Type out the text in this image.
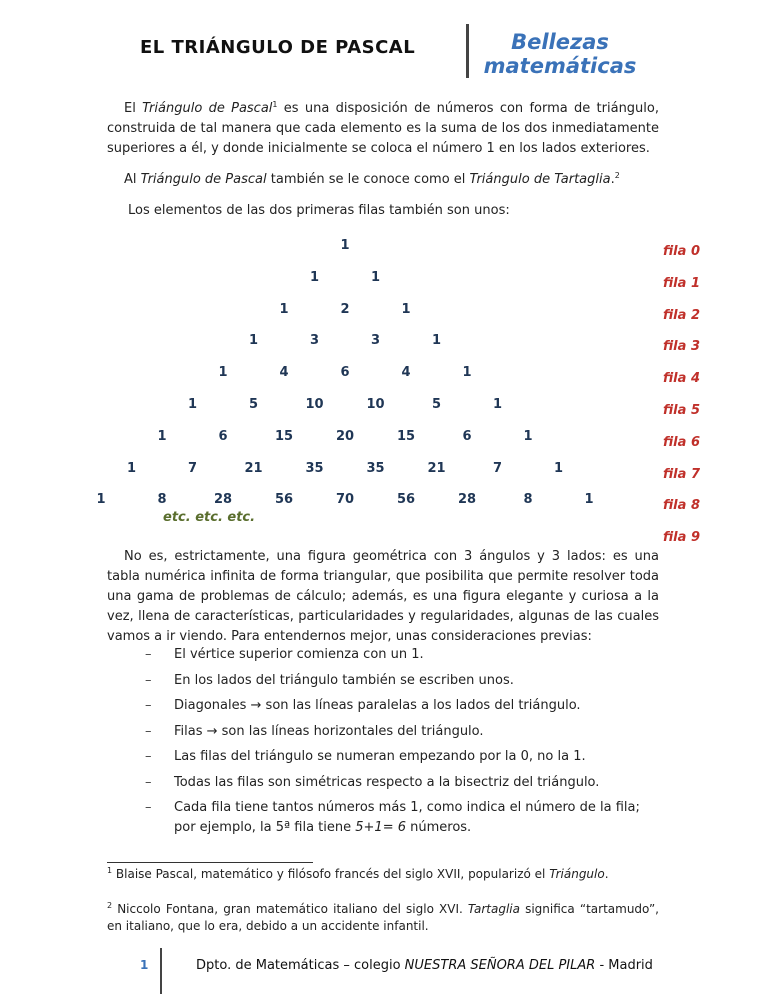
EL TRIÁNGULO DE PASCAL	Bellezas
matemáticas

El Triángulo de Pascal$^1$ es una disposición de números con forma de triángulo, construida de tal manera que cada elemento es la suma de los dos inmediatamente superiores a él, y donde inicialmente se coloca el número 1 en los lados exteriores.

Al Triángulo de Pascal también se le conoce como el Triángulo de Tartaglia.$^2$

Los elementos de las dos primeras filas también son unos:

1
1	1
1	2	1
1	3	3	1
1	4	6	4	1
1	5	10	10	5	1
1	6	15	20	15	6	1
1	7	21	35	35	21	7	1
1	8	28	56	70	56	28	8	1
fila 0
fila 1
fila 2
fila 3
fila 4
fila 5
fila 6
fila 7
fila 8
fila 9
etc. etc. etc.

No es, estrictamente, una figura geométrica con 3 ángulos y 3 lados: es una tabla numérica infinita de forma triangular, que posibilita que permite resolver toda una gama de problemas de cálculo; además, es una figura elegante y curiosa a la vez, llena de características, particularidades y regularidades, algunas de las cuales vamos a ir viendo. Para entendernos mejor, unas consideraciones previas:

– El vértice superior comienza con un 1.
– En los lados del triángulo también se escriben unos.
– Diagonales → son las líneas paralelas a los lados del triángulo.
– Filas → son las líneas horizontales del triángulo.
– Las filas del triángulo se numeran empezando por la 0, no la 1.
– Todas las filas son simétricas respecto a la bisectriz del triángulo.
– Cada fila tiene tantos números más 1, como indica el número de la fila; por ejemplo, la 5ª fila tiene 5+1= 6 números.

$^1$ Blaise Pascal, matemático y filósofo francés del siglo XVII, popularizó el Triángulo.

$^2$ Niccolo Fontana, gran matemático italiano del siglo XVI. Tartaglia significa “tartamudo”, en italiano, que lo era, debido a un accidente infantil.

1	Dpto. de Matemáticas – colegio NUESTRA SEÑORA DEL PILAR - Madrid
